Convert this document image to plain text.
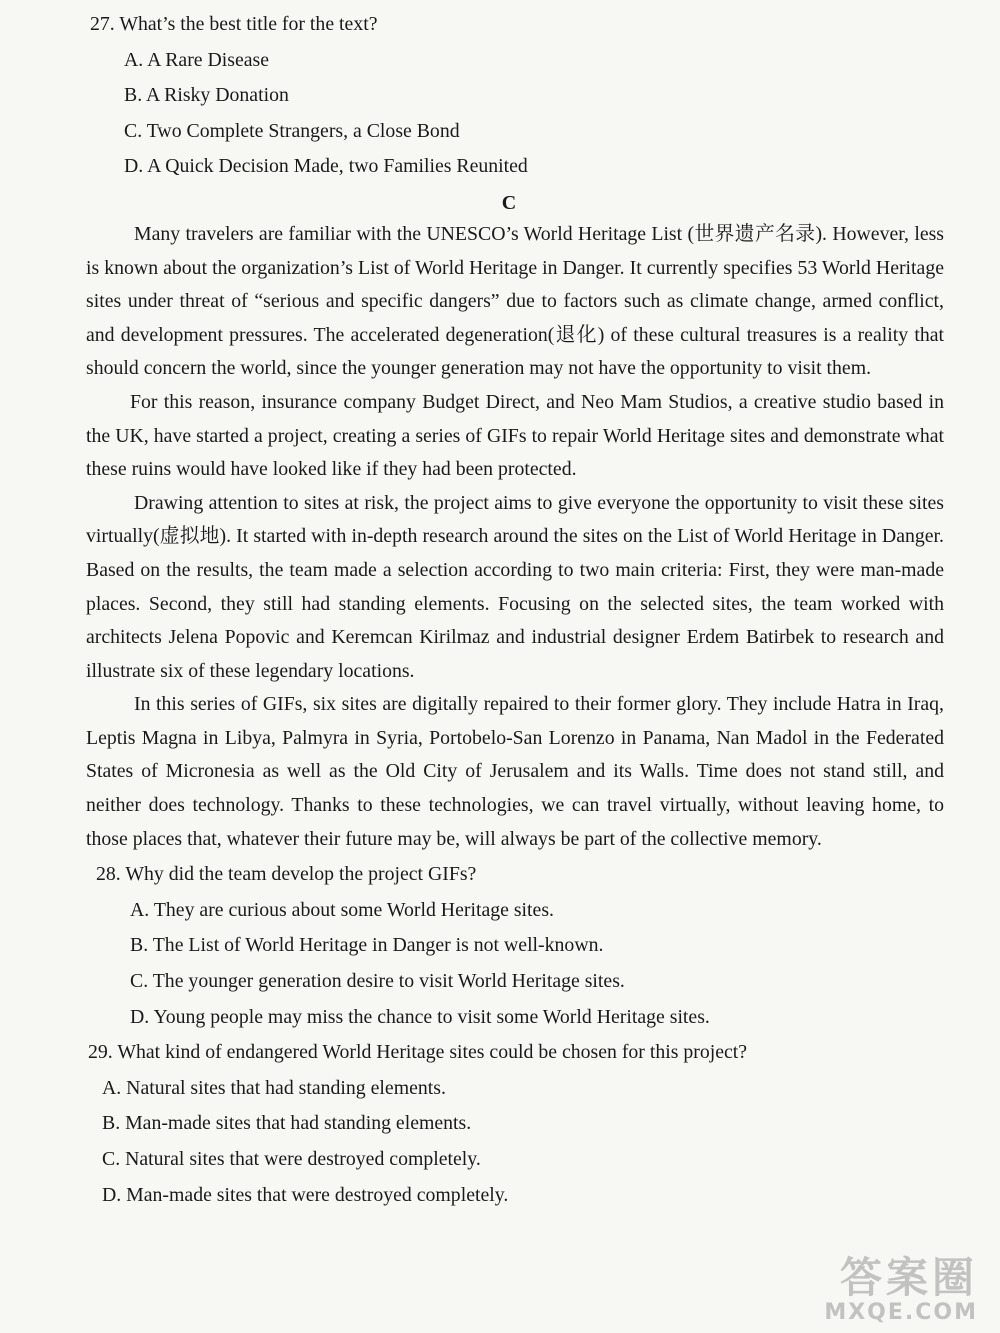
27. What’s the best title for the text?

A. A Rare Disease
B. A Risky Donation
C. Two Complete Strangers, a Close Bond
D. A Quick Decision Made, two Families Reunited
C

Many travelers are familiar with the UNESCO’s World Heritage List (世界遗产名录). However, less is known about the organization’s List of World Heritage in Danger. It currently specifies 53 World Heritage sites under threat of “serious and specific dangers” due to factors such as climate change, armed conflict, and development pressures. The accelerated degeneration(退化) of these cultural treasures is a reality that should concern the world, since the younger generation may not have the opportunity to visit them.

For this reason, insurance company Budget Direct, and Neo Mam Studios, a creative studio based in the UK, have started a project, creating a series of GIFs to repair World Heritage sites and demonstrate what these ruins would have looked like if they had been protected.

Drawing attention to sites at risk, the project aims to give everyone the opportunity to visit these sites virtually(虚拟地). It started with in-depth research around the sites on the List of World Heritage in Danger. Based on the results, the team made a selection according to two main criteria: First, they were man-made places. Second, they still had standing elements. Focusing on the selected sites, the team worked with architects Jelena Popovic and Keremcan Kirilmaz and industrial designer Erdem Batirbek to research and illustrate six of these legendary locations.

In this series of GIFs, six sites are digitally repaired to their former glory. They include Hatra in Iraq, Leptis Magna in Libya, Palmyra in Syria, Portobelo-San Lorenzo in Panama, Nan Madol in the Federated States of Micronesia as well as the Old City of Jerusalem and its Walls. Time does not stand still, and neither does technology. Thanks to these technologies, we can travel virtually, without leaving home, to those places that, whatever their future may be, will always be part of the collective memory.

28. Why did the team develop the project GIFs?

A. They are curious about some World Heritage sites.
B. The List of World Heritage in Danger is not well-known.
C. The younger generation desire to visit World Heritage sites.
D. Young people may miss the chance to visit some World Heritage sites.

29. What kind of endangered World Heritage sites could be chosen for this project?

A. Natural sites that had standing elements.
B. Man-made sites that had standing elements.
C. Natural sites that were destroyed completely.
D. Man-made sites that were destroyed completely.
答案圈
MXQE.COM
